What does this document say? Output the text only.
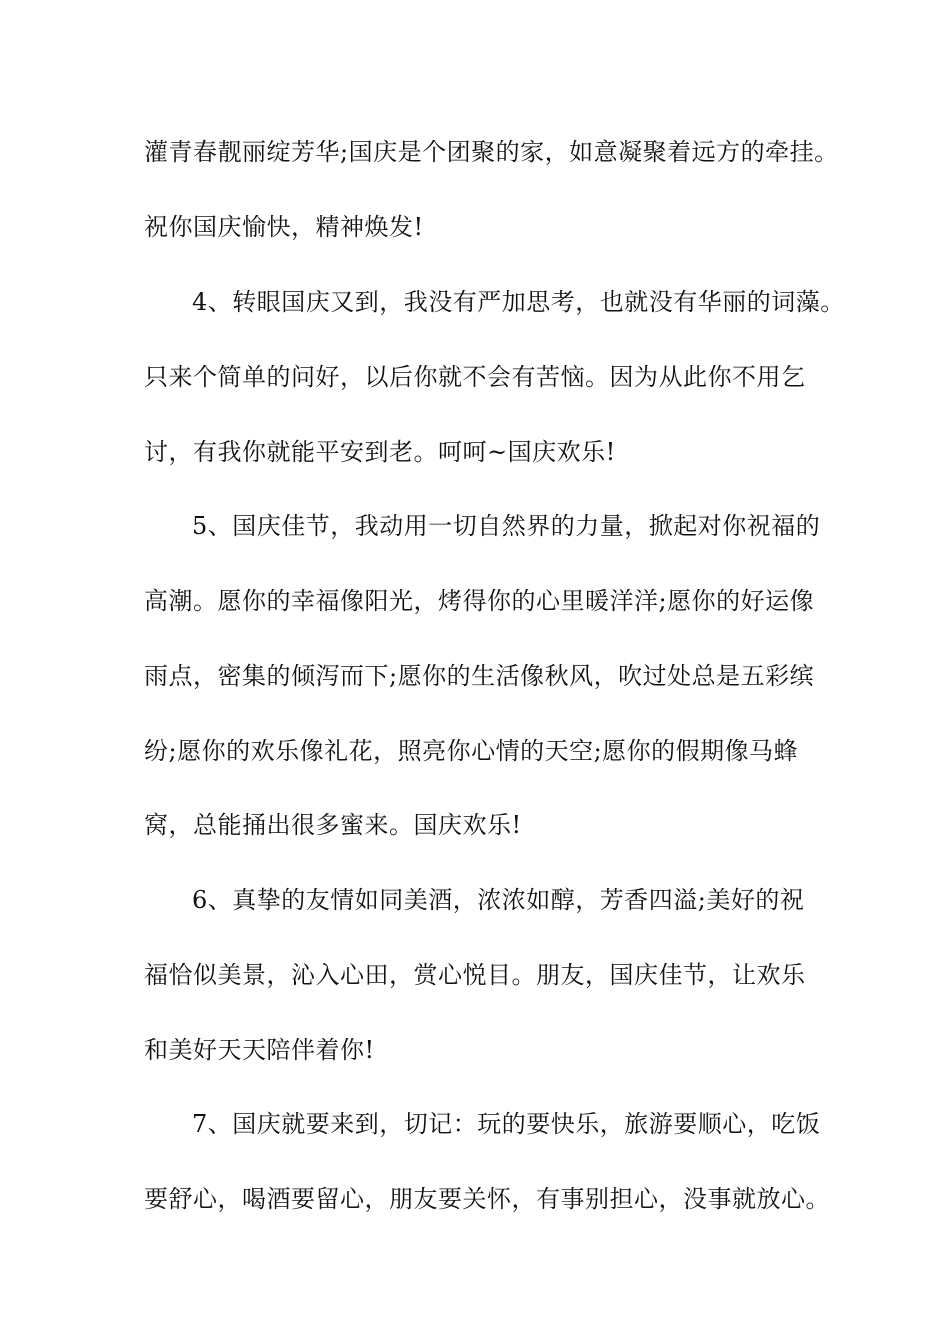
灌青春靓丽绽芳华;国庆是个团聚的家，如意凝聚着远方的牵挂。
祝你国庆愉快，精神焕发!
4、转眼国庆又到，我没有严加思考，也就没有华丽的词藻。
只来个简单的问好，以后你就不会有苦恼。因为从此你不用乞
讨，有我你就能平安到老。呵呵~国庆欢乐!
5、国庆佳节，我动用一切自然界的力量，掀起对你祝福的
高潮。愿你的幸福像阳光，烤得你的心里暖洋洋;愿你的好运像
雨点，密集的倾泻而下;愿你的生活像秋风，吹过处总是五彩缤
纷;愿你的欢乐像礼花，照亮你心情的天空;愿你的假期像马蜂
窝，总能捅出很多蜜来。国庆欢乐!
6、真挚的友情如同美酒，浓浓如醇，芳香四溢;美好的祝
福恰似美景，沁入心田，赏心悦目。朋友，国庆佳节，让欢乐
和美好天天陪伴着你!
7、国庆就要来到，切记：玩的要快乐，旅游要顺心，吃饭
要舒心，喝酒要留心，朋友要关怀，有事别担心，没事就放心。
